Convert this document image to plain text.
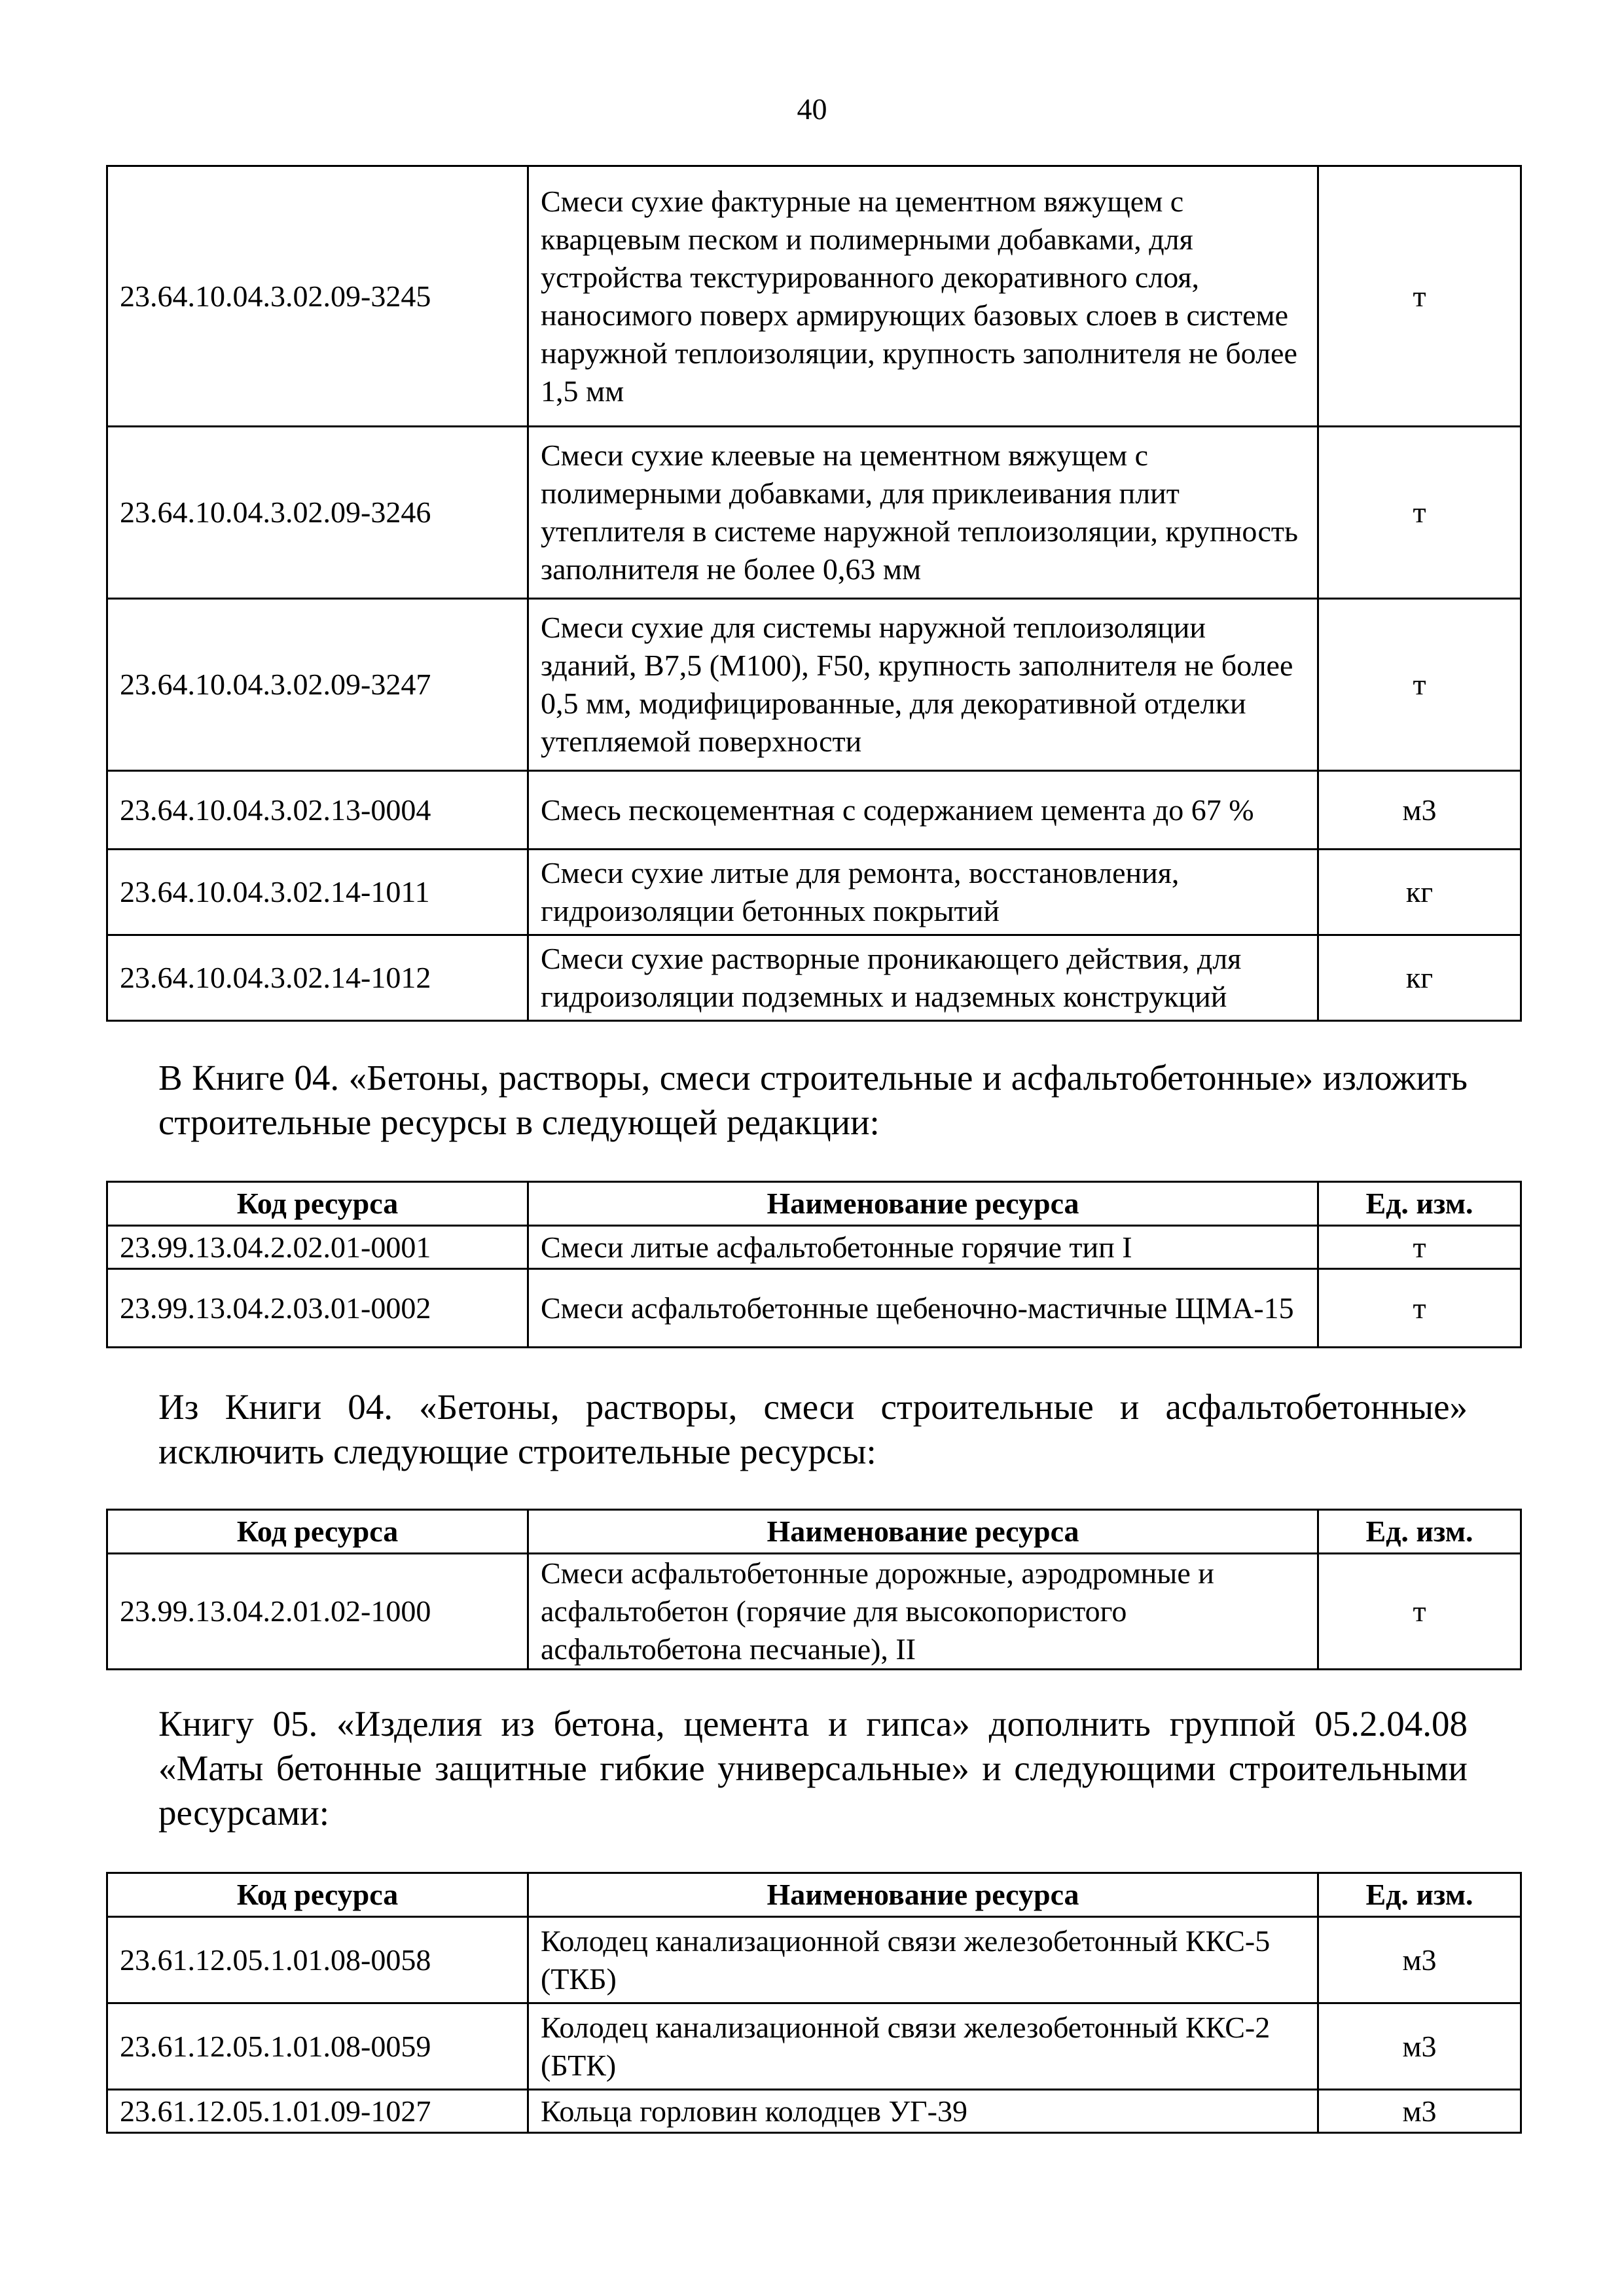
40
23.64.10.04.3.02.09-3245	Смеси сухие фактурные на цементном вяжущем с кварцевым песком и полимерными добавками, для устройства текстурированного декоративного слоя, наносимого поверх армирующих базовых слоев в системе наружной теплоизоляции, крупность заполнителя не более 1,5 мм	т
23.64.10.04.3.02.09-3246	Смеси сухие клеевые на цементном вяжущем с полимерными добавками, для приклеивания плит утеплителя в системе наружной теплоизоляции, крупность заполнителя не более 0,63 мм	т
23.64.10.04.3.02.09-3247	Смеси сухие для системы наружной теплоизоляции зданий, В7,5 (М100), F50, крупность заполнителя не более 0,5 мм, модифицированные, для декоративной отделки утепляемой поверхности	т
23.64.10.04.3.02.13-0004	Смесь пескоцементная с содержанием цемента до 67 %	м3
23.64.10.04.3.02.14-1011	Смеси сухие литые для ремонта, восстановления, гидроизоляции бетонных покрытий	кг
23.64.10.04.3.02.14-1012	Смеси сухие растворные проникающего действия, для гидроизоляции подземных и надземных конструкций	кг

В Книге 04. «Бетоны, растворы, смеси строительные и асфальтобетонные» изложить строительные ресурсы в следующей редакции:

Код ресурса	Наименование ресурса	Ед. изм.
23.99.13.04.2.02.01-0001	Смеси литые асфальтобетонные горячие тип I	т
23.99.13.04.2.03.01-0002	Смеси асфальтобетонные щебеночно-мастичные ЩМА-15	т

Из Книги 04. «Бетоны, растворы, смеси строительные и асфальтобетонные» исключить следующие строительные ресурсы:

Код ресурса	Наименование ресурса	Ед. изм.
23.99.13.04.2.01.02-1000	Смеси асфальтобетонные дорожные, аэродромные и асфальтобетон (горячие для высокопористого асфальтобетона песчаные), II	т

Книгу 05. «Изделия из бетона, цемента и гипса» дополнить группой 05.2.04.08 «Маты бетонные защитные гибкие универсальные» и следующими строительными ресурсами:

Код ресурса	Наименование ресурса	Ед. изм.
23.61.12.05.1.01.08-0058	Колодец канализационной связи железобетонный ККС-5 (ТКБ)	м3
23.61.12.05.1.01.08-0059	Колодец канализационной связи железобетонный ККС-2 (БТК)	м3
23.61.12.05.1.01.09-1027	Кольца горловин колодцев УГ-39	м3
